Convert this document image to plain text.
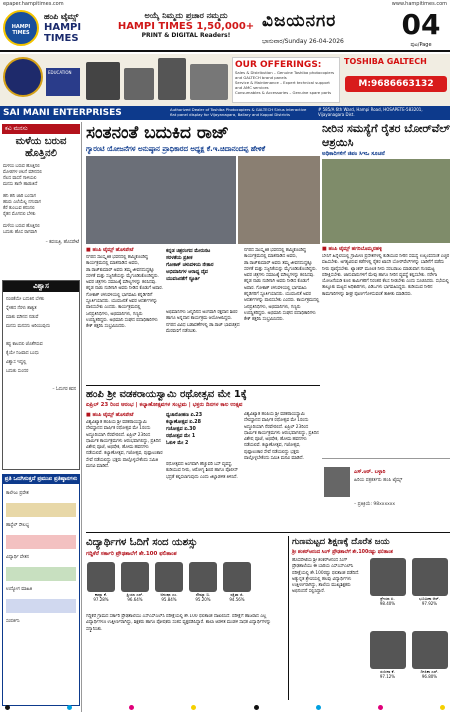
epaper.hampitimes.com	www.hampitimes.com
HAMPI TIMES
ಹಂಪಿ ಟೈಮ್ಸ್
HAMPI TIMES
ಅಯ್ಕೆ ನಿಮ್ಮದು ಪ್ರಚಾರ ನಮ್ಮದು
HAMPI TIMES 1,50,000+
PRINT & DIGITAL Readers!
ವಿಜಯನಗರ
ಭಾನುವಾರ/Sunday 26-04-2026
04
ಪುಟ/Page
EDUCATION
OUR OFFERINGS:
Sales & Distribution – Genuine Toshiba photocopiers and GALTECH brand panels
Service & Maintenance – Expert technical support and AMC services
Consumables & Accessories – Genuine spare parts
TOSHIBA GALTECH
M:9686663132
SAI MANI ENTERPRISES	Authorized Dealer of Toshiba Photocopiers & GALTECH Sirius interactive flat panel display for Vijayanagara, Ballary and Koppal Districts
# 585/A 6th Ward, Hampi Road, HOSAPETE-583201, Vijayanagara Dist.
ಕವಿ ಮನಸು
ಮಳೆಯ ಬರುವ ಹೊತ್ತಿನಲಿ
ಮಳೆಯ ಬರುವ ಹೊತ್ತಿನಲಿ
ಮೋಡಗಳ ಚಲನೆ ಮೌನದಲಿ
ನೆಲದ ವಾಸನೆ ಗಾಳಿಯಲಿ
ಮನಸು ತಾನೇ ಹಾಡುತಿದೆ

ಹನಿ ಹನಿ ಜಾರಿ ಬಂದಾಗ
ಹಸಿರು ಎಲೆಯೆಲ್ಲ ನಗುವಾಗ
ಕೆರೆ ತುಂಬುವ ಕನಸಿನಲಿ
ರೈತನ ಮೊಗದಲಿ ಬೆಳಕು

ಮಳೆಯ ಬರುವ ಹೊತ್ತಿನಲಿ
ಬದುಕು ಹೊಸ ರಾಗವಾಗಿ
– ಕವಯಿತ್ರಿ, ಹೊಸಪೇಟೆ
ವಿಶ್ವಾಸ
ನಂಬಿಕೆಯೇ ಬದುಕಿನ ಬೆಳಕು
ಸ್ನೇಹದ ನೆರಳು ಶಾಶ್ವತ
ಮಾತು ಮೌನದ ನಡುವೆ
ಮನಸು ಮನಸನು ಅರಿಯುವುದು

ಕಷ್ಟ ಕಾಲದಲಿ ಜೊತೆಗಿರುವ
ಕೈಯೇ ನಿಜವಾದ ಬಂಧು
ವಿಶ್ವಾಸ ಇದ್ದಲ್ಲಿ
ಬದುಕು ಸುಂದರ

– ಓದುಗರ ಕವನ
ಪ್ರತಿ ಒದಗಿಸುತ್ತದೆ ಪ್ರಮುಖ ಪ್ರತಿಷ್ಠಾನಗಳು
ಕಾಲೇಜು ಪ್ರವೇಶ
ಹಾಸ್ಟೆಲ್ ಸೌಲಭ್ಯ
ವಿದ್ಯಾರ್ಥಿ ವೇತನ
ಉದ್ಯೋಗ ಮಾಹಿತಿ
ಸಂಪರ್ಕಿಸಿ
ಸಂತನಂತೆ ಬದುಕಿದ ರಾಜ್
ಗ್ಯಾರಂಟಿ ಯೋಜನೆಗಳ ಅನುಷ್ಠಾನ ಪ್ರಾಧಿಕಾರದ ಅಧ್ಯಕ್ಷ ಕೆ.ಇ.ಚಿದಾನಂದಪ್ಪ ಹೇಳಿಕೆ
■ ಹಂಪಿ ಟೈಮ್ಸ್ ಹೊಸಪೇಟೆ
ನಗರದ ಸಾಂಸ್ಕೃತಿಕ ಭವನದಲ್ಲಿ ಹಮ್ಮಿಕೊಂಡಿದ್ದ ಕಾರ್ಯಕ್ರಮದಲ್ಲಿ ಮಾತನಾಡಿದ ಅವರು, ಡಾ.ರಾಜ್‌ಕುಮಾರ್ ಅವರು ತಮ್ಮ ಜೀವನದುದ್ದಕ್ಕೂ ಸರಳತೆ ಮತ್ತು ಸಜ್ಜನಿಕೆಯನ್ನು ಮೈಗೂಡಿಸಿಕೊಂಡಿದ್ದರು. ಅವರ ಚಿತ್ರಗಳು ಸಮಾಜಕ್ಕೆ ಮೌಲ್ಯಗಳನ್ನು ಕಲಿಸಿದವು. ಕನ್ನಡ ನಾಡು ನುಡಿಗಾಗಿ ಅವರು ನೀಡಿದ ಕೊಡುಗೆ ಅಪಾರ. ಗೋಕಾಕ್ ಚಳುವಳಿಯಲ್ಲಿ ಭಾಗವಹಿಸಿ ಕನ್ನಡಿಗರಿಗೆ ಸ್ಫೂರ್ತಿಯಾದರು. ಯುವಜನತೆ ಅವರ ಆದರ್ಶಗಳನ್ನು ಪಾಲಿಸಬೇಕು ಎಂದರು. ಕಾರ್ಯಕ್ರಮದಲ್ಲಿ ಜನಪ್ರತಿನಿಧಿಗಳು, ಅಭಿಮಾನಿಗಳು, ಗಣ್ಯರು ಉಪಸ್ಥಿತರಿದ್ದರು. ಅಭಿಮಾನಿ ಸಂಘದ ಪದಾಧಿಕಾರಿಗಳು ಕೇಕ್ ಕತ್ತರಿಸಿ ಸಂಭ್ರಮಿಸಿದರು.
ಕನ್ನಡ ಚಿತ್ರರಂಗದ ಮೇರುನಟ
ಸರಳತೆಯ ಪ್ರತೀಕ
ಗೋಕಾಕ್ ಚಳುವಳಿಯ ನೇತಾರ
ಅಭಿಮಾನಿಗಳ ಆರಾಧ್ಯ ದೈವ
ಯುವಜನತೆಗೆ ಸ್ಫೂರ್ತಿ
ಅಭಿಮಾನಿಗಳು ಜನ್ಮದಿನದ ಅಂಗವಾಗಿ ರಕ್ತದಾನ ಶಿಬಿರ ಹಾಗೂ ಅನ್ನದಾನ ಕಾರ್ಯಕ್ರಮ ಆಯೋಜಿಸಿದ್ದರು. ನಗರದ ವಿವಿಧ ಬಡಾವಣೆಗಳಲ್ಲಿ ಡಾ.ರಾಜ್ ಭಾವಚಿತ್ರದ ಮೆರವಣಿಗೆ ನಡೆಯಿತು.
ನಗರದ ಸಾಂಸ್ಕೃತಿಕ ಭವನದಲ್ಲಿ ಹಮ್ಮಿಕೊಂಡಿದ್ದ ಕಾರ್ಯಕ್ರಮದಲ್ಲಿ ಮಾತನಾಡಿದ ಅವರು, ಡಾ.ರಾಜ್‌ಕುಮಾರ್ ಅವರು ತಮ್ಮ ಜೀವನದುದ್ದಕ್ಕೂ ಸರಳತೆ ಮತ್ತು ಸಜ್ಜನಿಕೆಯನ್ನು ಮೈಗೂಡಿಸಿಕೊಂಡಿದ್ದರು. ಅವರ ಚಿತ್ರಗಳು ಸಮಾಜಕ್ಕೆ ಮೌಲ್ಯಗಳನ್ನು ಕಲಿಸಿದವು. ಕನ್ನಡ ನಾಡು ನುಡಿಗಾಗಿ ಅವರು ನೀಡಿದ ಕೊಡುಗೆ ಅಪಾರ. ಗೋಕಾಕ್ ಚಳುವಳಿಯಲ್ಲಿ ಭಾಗವಹಿಸಿ ಕನ್ನಡಿಗರಿಗೆ ಸ್ಫೂರ್ತಿಯಾದರು. ಯುವಜನತೆ ಅವರ ಆದರ್ಶಗಳನ್ನು ಪಾಲಿಸಬೇಕು ಎಂದರು. ಕಾರ್ಯಕ್ರಮದಲ್ಲಿ ಜನಪ್ರತಿನಿಧಿಗಳು, ಅಭಿಮಾನಿಗಳು, ಗಣ್ಯರು ಉಪಸ್ಥಿತರಿದ್ದರು. ಅಭಿಮಾನಿ ಸಂಘದ ಪದಾಧಿಕಾರಿಗಳು ಕೇಕ್ ಕತ್ತರಿಸಿ ಸಂಭ್ರಮಿಸಿದರು.
ನೀರಿನ ಸಮಸ್ಯೆಗೆ ರೈತರ ಬೋರ್‌ವೆಲ್ ಆಶ್ರಯಿಸಿ
ಅಧಿಕಾರಿಗಳಿಗೆ ಜಿಪಂ ಸಿಇಒ ಸೂಚನೆ
■ ಹಂಪಿ ಟೈಮ್ಸ್ ಹಗರಿಬೊಮ್ಮನಹಳ್ಳಿ
ಬೇಸಿಗೆ ಹಿನ್ನೆಲೆಯಲ್ಲಿ ಗ್ರಾಮೀಣ ಪ್ರದೇಶಗಳಲ್ಲಿ ಕುಡಿಯುವ ನೀರಿನ ಸಮಸ್ಯೆ ಉಲ್ಬಣಿಸದಂತೆ ಎಚ್ಚರ ವಹಿಸಬೇಕು. ಅಗತ್ಯವಿರುವ ಕಡೆಗಳಲ್ಲಿ ರೈತರ ಖಾಸಗಿ ಬೋರ್‌ವೆಲ್‌ಗಳನ್ನು ಬಾಡಿಗೆಗೆ ಪಡೆದು ನೀರು ಪೂರೈಸಬೇಕು. ಟ್ಯಾಂಕರ್ ಮೂಲಕ ನೀರು ಸರಬರಾಜು ಮಾಡುವಾಗ ಗುಣಮಟ್ಟ ಪರೀಕ್ಷಿಸಬೇಕು. ಜಾನುವಾರುಗಳಿಗೆ ಮೇವು ಹಾಗೂ ನೀರಿನ ವ್ಯವಸ್ಥೆ ಕಲ್ಪಿಸಬೇಕು. ನರೇಗಾ ಯೋಜನೆಯಡಿ ಕೂಲಿ ಕಾರ್ಮಿಕರಿಗೆ ನಿರಂತರ ಕೆಲಸ ನೀಡಬೇಕು ಎಂದು ಸೂಚಿಸಿದರು. ಸಭೆಯಲ್ಲಿ ತಾಲ್ಲೂಕು ಮಟ್ಟದ ಅಧಿಕಾರಿಗಳು, ಪಿಡಿಒಗಳು ಭಾಗವಹಿಸಿದ್ದರು. ಕುಡಿಯುವ ನೀರಿನ ಕಾಮಗಾರಿಗಳನ್ನು ಶೀಘ್ರ ಪೂರ್ಣಗೊಳಿಸುವಂತೆ ತಾಕೀತು ಮಾಡಿದರು.
ಎಸ್.ಆರ್. ಬಳ್ಳಾರಿ
ಹಿರಿಯ ಪತ್ರಕರ್ತರು ಹಂಪಿ ಟೈಮ್ಸ್
– ಪ್ರತಿಕ್ರಿಯೆ: 98xxxxxx
ಹಂಪಿ ಶ್ರೀ ವಡಕರಾಯಸ್ವಾಮಿ ರಥೋತ್ಸವ ಮೇ 1ಕ್ಕೆ
ಏಪ್ರಿಲ್ 23 ರಿಂದ ಆರಂಭ | ಕಲ್ಯಾಣೋತ್ಸವಗಳ ಸಂಭ್ರಮ | ಭಕ್ತರು ದಿನಗಳ ಕಾಲ ಉತ್ಸವ
■ ಹಂಪಿ ಟೈಮ್ಸ್ ಹೊಸಪೇಟೆ
ವಿಶ್ವವಿಖ್ಯಾತ ಹಂಪಿಯ ಶ್ರೀ ವಡಕರಾಯಸ್ವಾಮಿ ದೇವಸ್ಥಾನದ ವಾರ್ಷಿಕ ರಥೋತ್ಸವ ಮೇ 1ರಂದು ಅದ್ದೂರಿಯಾಗಿ ನೆರವೇರಲಿದೆ. ಏಪ್ರಿಲ್ 23ರಿಂದ ಧಾರ್ಮಿಕ ಕಾರ್ಯಕ್ರಮಗಳು ಆರಂಭವಾಗಲಿದ್ದು, ಪ್ರತಿದಿನ ವಿಶೇಷ ಪೂಜೆ, ಅಭಿಷೇಕ, ಹೋಮ ಹವನಗಳು ನಡೆಯಲಿವೆ. ಕಲ್ಯಾಣೋತ್ಸವ, ಗಜೋತ್ಸವ, ಪುಷ್ಪಾಲಂಕಾರ ಸೇವೆ ನಡೆಯಲಿದ್ದು ಭಕ್ತರು ಪಾಲ್ಗೊಳ್ಳಬೇಕೆಂದು ಸಮಿತಿ ಮನವಿ ಮಾಡಿದೆ.
ಧ್ವಜಾರೋಹಣ ಏ.23
ಕಲ್ಯಾಣೋತ್ಸವ ಏ.28
ಗಜೋತ್ಸವ ಏ.30
ರಥೋತ್ಸವ ಮೇ 1
ಓಕುಳಿ ಮೇ 2
ರಥೋತ್ಸವದ ಅಂಗವಾಗಿ ಹೆಚ್ಚುವರಿ ಬಸ್ ವ್ಯವಸ್ಥೆ, ಕುಡಿಯುವ ನೀರು, ಆರೋಗ್ಯ ಶಿಬಿರ ಹಾಗೂ ಪೊಲೀಸ್ ಭದ್ರತೆ ಕಲ್ಪಿಸಲಾಗುವುದು ಎಂದು ಜಿಲ್ಲಾಡಳಿತ ತಿಳಿಸಿದೆ.
ವಿಶ್ವವಿಖ್ಯಾತ ಹಂಪಿಯ ಶ್ರೀ ವಡಕರಾಯಸ್ವಾಮಿ ದೇವಸ್ಥಾನದ ವಾರ್ಷಿಕ ರಥೋತ್ಸವ ಮೇ 1ರಂದು ಅದ್ದೂರಿಯಾಗಿ ನೆರವೇರಲಿದೆ. ಏಪ್ರಿಲ್ 23ರಿಂದ ಧಾರ್ಮಿಕ ಕಾರ್ಯಕ್ರಮಗಳು ಆರಂಭವಾಗಲಿದ್ದು, ಪ್ರತಿದಿನ ವಿಶೇಷ ಪೂಜೆ, ಅಭಿಷೇಕ, ಹೋಮ ಹವನಗಳು ನಡೆಯಲಿವೆ. ಕಲ್ಯಾಣೋತ್ಸವ, ಗಜೋತ್ಸವ, ಪುಷ್ಪಾಲಂಕಾರ ಸೇವೆ ನಡೆಯಲಿದ್ದು ಭಕ್ತರು ಪಾಲ್ಗೊಳ್ಳಬೇಕೆಂದು ಸಮಿತಿ ಮನವಿ ಮಾಡಿದೆ.
ವಿದ್ಯಾರ್ಥಿಗಳ ಓದಿಗೆ ಸಂದ ಯಶಸ್ಸು
ಗದ್ದಿಕೆರೆ ಸರ್ಕಾರಿ ಪ್ರೌಢಶಾಲೆಗೆ ಶೇ.100 ಫಲಿತಾಂಶ
ಕಾವ್ಯಾ ಕೆ.
97.28%
ಪ್ರಿಯಾ ಎಸ್.
96.64%
ಅನುಷಾ ಎಂ.
95.84%
ಸೌಮ್ಯಾ ಬಿ.
95.20%
ರಕ್ಷಿತಾ ಜಿ.
94.56%
ಗದ್ದಿಕೆರೆ ಗ್ರಾಮದ ಸರ್ಕಾರಿ ಪ್ರೌಢಶಾಲೆಯು ಎಸ್‌ಎಸ್‌ಎಲ್‌ಸಿ ಪರೀಕ್ಷೆಯಲ್ಲಿ ಶೇ.100 ಫಲಿತಾಂಶ ದಾಖಲಿಸಿದೆ. ಪರೀಕ್ಷೆಗೆ ಹಾಜರಾದ ಎಲ್ಲ ವಿದ್ಯಾರ್ಥಿಗಳೂ ಉತ್ತೀರ್ಣರಾಗಿದ್ದು, ಶಿಕ್ಷಕರು ಹಾಗೂ ಪೋಷಕರು ಸಂತಸ ವ್ಯಕ್ತಪಡಿಸಿದ್ದಾರೆ. ಶಾಲಾ ಆಡಳಿತ ಮಂಡಳಿ ಸಾಧಕ ವಿದ್ಯಾರ್ಥಿಗಳನ್ನು ಸನ್ಮಾನಿಸಿತು.
ಗುಣಮಟ್ಟದ ಶಿಕ್ಷಣಕ್ಕೆ ದೊರೆತ ಜಯ
ಶ್ರೀ ಶಂಕರ್‌ಆನಂದ ಸಿಂಗ್ ಪ್ರೌಢಶಾಲೆಗೆ ಶೇ.100ರಷ್ಟು ಫಲಿತಾಂಶ
ಹೊಸಪೇಟೆಯ ಶ್ರೀ ಶಂಕರ್‌ಆನಂದ ಸಿಂಗ್ ಪ್ರೌಢಶಾಲೆಯು ಈ ಬಾರಿಯ ಎಸ್‌ಎಸ್‌ಎಲ್‌ಸಿ ಪರೀಕ್ಷೆಯಲ್ಲಿ ಶೇ.100ರಷ್ಟು ಫಲಿತಾಂಶ ಪಡೆದಿದೆ. ಅತ್ಯುನ್ನತ ಶ್ರೇಣಿಯಲ್ಲಿ ಹಲವು ವಿದ್ಯಾರ್ಥಿಗಳು ಉತ್ತೀರ್ಣರಾಗಿದ್ದು, ಶಾಲೆಯ ಮುಖ್ಯಶಿಕ್ಷಕರು ಅಭಿನಂದನೆ ಸಲ್ಲಿಸಿದ್ದಾರೆ.
ಶ್ರೇಯಾ ಪಿ.
98.40%
ಭೂಮಿಕಾ ಆರ್.
97.92%
ಸಂಜನಾ ಕೆ.
97.12%
ದೀಪಿಕಾ ಎಸ್.
96.80%
